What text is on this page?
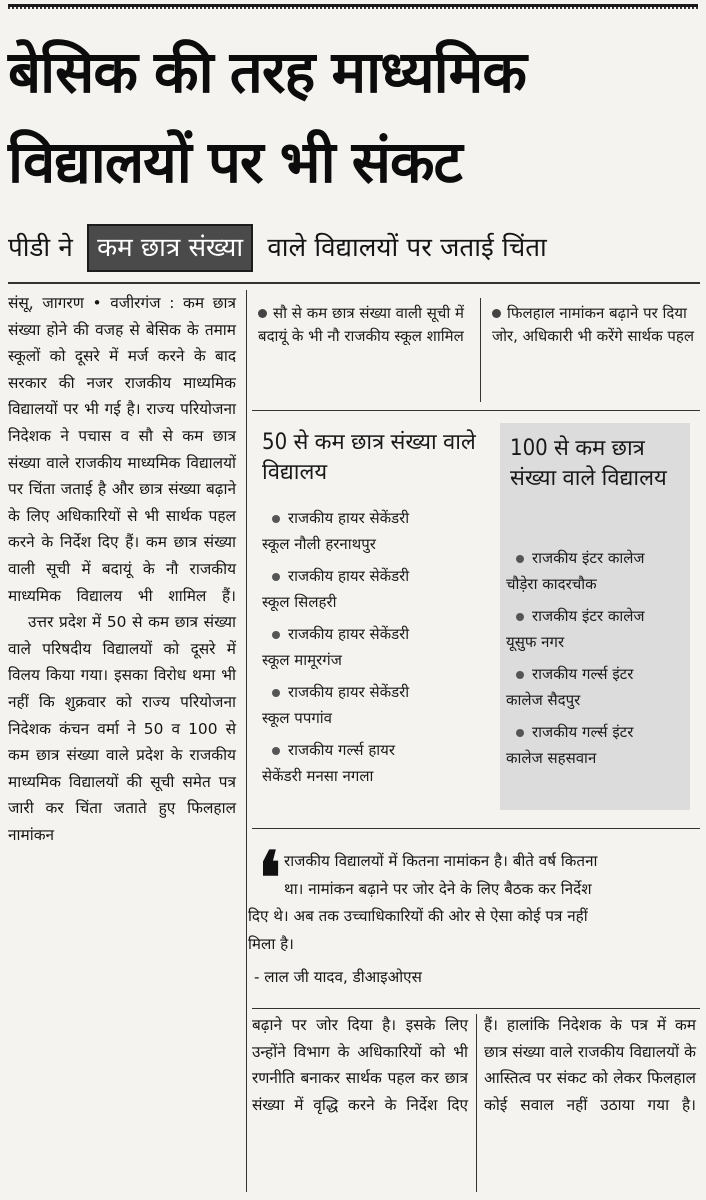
बेसिक की तरह माध्यमिक
विद्यालयों पर भी संकट
पीडी ने कम छात्र संख्या वाले विद्यालयों पर जताई चिंता

संसू, जागरण • वजीरगंज : कम छात्र संख्या होने की वजह से बेसिक के तमाम स्कूलों को दूसरे में मर्ज करने के बाद सरकार की नजर राजकीय माध्यमिक विद्यालयों पर भी गई है। राज्य परियोजना निदेशक ने पचास व सौ से कम छात्र संख्या वाले राजकीय माध्यमिक विद्यालयों पर चिंता जताई है और छात्र संख्या बढ़ाने के लिए अधिकारियों से भी सार्थक पहल करने के निर्देश दिए हैं। कम छात्र संख्या वाली सूची में बदायूं के नौ राजकीय माध्यमिक विद्यालय भी शामिल हैं।

उत्तर प्रदेश में 50 से कम छात्र संख्या वाले परिषदीय विद्यालयों को दूसरे में विलय किया गया। इसका विरोध थमा भी नहीं कि शुक्रवार को राज्य परियोजना निदेशक कंचन वर्मा ने 50 व 100 से कम छात्र संख्या वाले प्रदेश के राजकीय माध्यमिक विद्यालयों की सूची समेत पत्र जारी कर चिंता जताते हुए फिलहाल नामांकन

सौ से कम छात्र संख्या वाली सूची में बदायूं के भी नौ राजकीय स्कूल शामिल
फिलहाल नामांकन बढ़ाने पर दिया जोर, अधिकारी भी करेंगे सार्थक पहल
50 से कम छात्र संख्या वाले विद्यालय
राजकीय हायर सेकेंडरी
स्कूल नौली हरनाथपुर
राजकीय हायर सेकेंडरी
स्कूल सिलहरी
राजकीय हायर सेकेंडरी
स्कूल मामूरगंज
राजकीय हायर सेकेंडरी
स्कूल पपगांव
राजकीय गर्ल्स हायर
सेकेंडरी मनसा नगला
100 से कम छात्र संख्या वाले विद्यालय
राजकीय इंटर कालेज
चौड़ेरा कादरचौक
राजकीय इंटर कालेज
यूसुफ नगर
राजकीय गर्ल्स इंटर
कालेज सैदपुर
राजकीय गर्ल्स इंटर
कालेज सहसवान
❛ राजकीय विद्यालयों में कितना नामांकन है। बीते वर्ष कितना

था। नामांकन बढ़ाने पर जोर देने के लिए बैठक कर निर्देश

दिए थे। अब तक उच्चाधिकारियों की ओर से ऐसा कोई पत्र नहीं

मिला है।

- लाल जी यादव, डीआइओएस

बढ़ाने पर जोर दिया है। इसके लिए उन्होंने विभाग के अधिकारियों को भी रणनीति बनाकर सार्थक पहल कर छात्र संख्या में वृद्धि करने के निर्देश दिए

हैं। हालांकि निदेशक के पत्र में कम छात्र संख्या वाले राजकीय विद्यालयों के आस्तित्व पर संकट को लेकर फिलहाल कोई सवाल नहीं उठाया गया है।
